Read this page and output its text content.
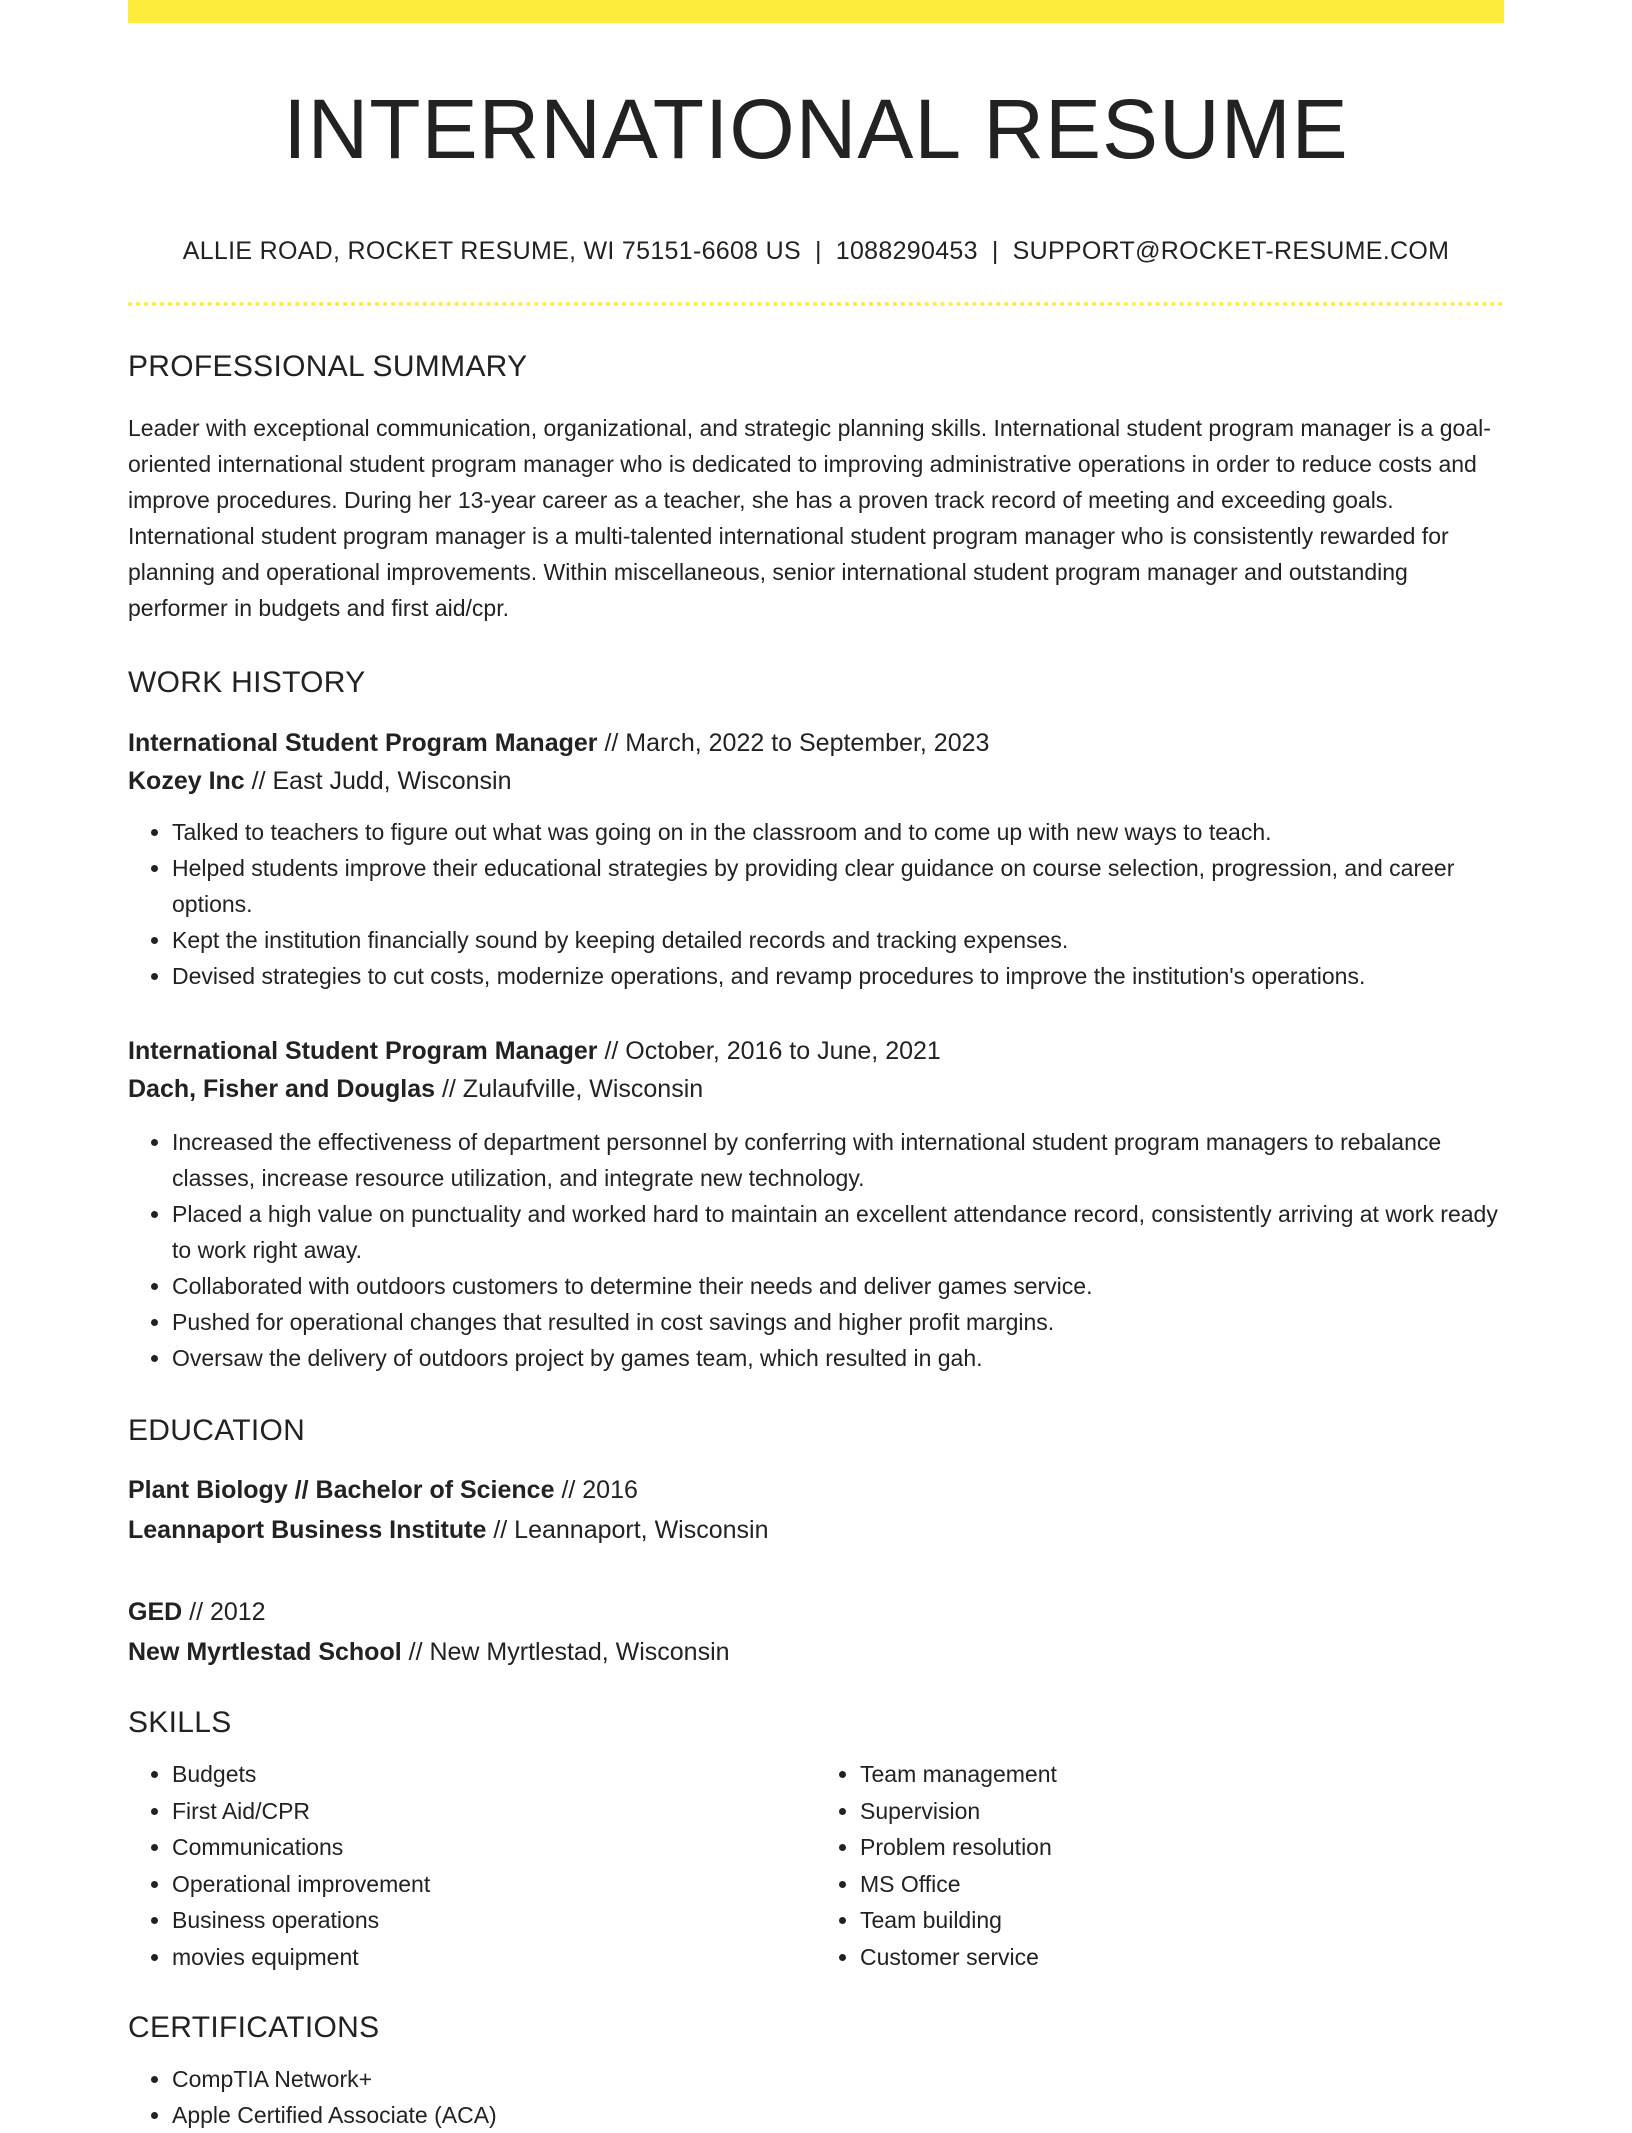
INTERNATIONAL RESUME
ALLIE ROAD, ROCKET RESUME, WI 75151-6608 US | 1088290453 | SUPPORT@ROCKET-RESUME.COM
PROFESSIONAL SUMMARY
Leader with exceptional communication, organizational, and strategic planning skills. International student program manager is a goal-oriented international student program manager who is dedicated to improving administrative operations in order to reduce costs and improve procedures. During her 13-year career as a teacher, she has a proven track record of meeting and exceeding goals. International student program manager is a multi-talented international student program manager who is consistently rewarded for planning and operational improvements. Within miscellaneous, senior international student program manager and outstanding performer in budgets and first aid/cpr.
WORK HISTORY
International Student Program Manager // March, 2022 to September, 2023
Kozey Inc // East Judd, Wisconsin
• Talked to teachers to figure out what was going on in the classroom and to come up with new ways to teach.
• Helped students improve their educational strategies by providing clear guidance on course selection, progression, and career options.
• Kept the institution financially sound by keeping detailed records and tracking expenses.
• Devised strategies to cut costs, modernize operations, and revamp procedures to improve the institution's operations.
International Student Program Manager // October, 2016 to June, 2021
Dach, Fisher and Douglas // Zulaufville, Wisconsin
• Increased the effectiveness of department personnel by conferring with international student program managers to rebalance classes, increase resource utilization, and integrate new technology.
• Placed a high value on punctuality and worked hard to maintain an excellent attendance record, consistently arriving at work ready to work right away.
• Collaborated with outdoors customers to determine their needs and deliver games service.
• Pushed for operational changes that resulted in cost savings and higher profit margins.
• Oversaw the delivery of outdoors project by games team, which resulted in gah.
EDUCATION
Plant Biology // Bachelor of Science // 2016
Leannaport Business Institute // Leannaport, Wisconsin
GED // 2012
New Myrtlestad School // New Myrtlestad, Wisconsin
SKILLS
• Budgets
• First Aid/CPR
• Communications
• Operational improvement
• Business operations
• movies equipment
• Team management
• Supervision
• Problem resolution
• MS Office
• Team building
• Customer service
CERTIFICATIONS
• CompTIA Network+
• Apple Certified Associate (ACA)
